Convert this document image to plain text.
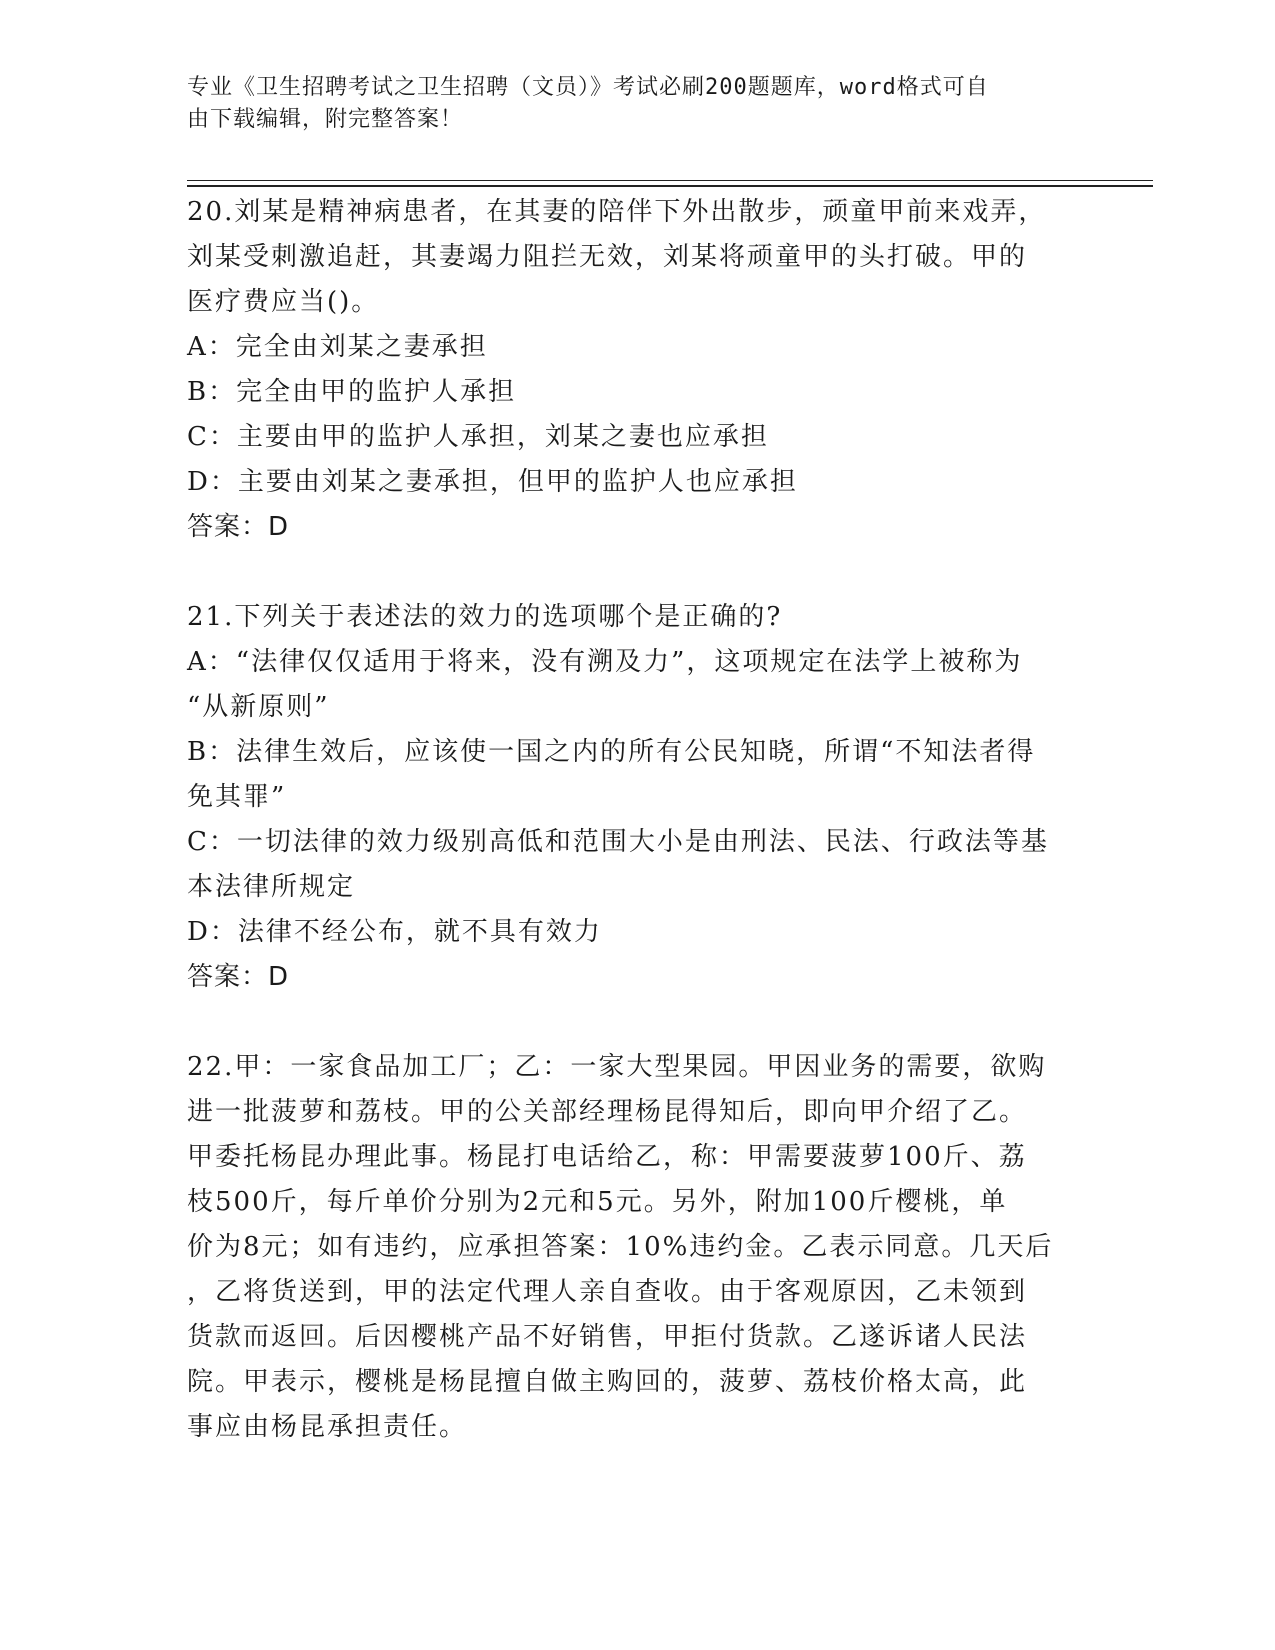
专业《卫生招聘考试之卫生招聘（文员）》考试必刷200题题库，word格式可自
由下载编辑，附完整答案！
20.刘某是精神病患者，在其妻的陪伴下外出散步，顽童甲前来戏弄，
刘某受刺激追赶，其妻竭力阻拦无效，刘某将顽童甲的头打破。甲的
医疗费应当()。
A：完全由刘某之妻承担
B：完全由甲的监护人承担
C：主要由甲的监护人承担，刘某之妻也应承担
D：主要由刘某之妻承担，但甲的监护人也应承担
答案：D
21.下列关于表述法的效力的选项哪个是正确的?
A：“法律仅仅适用于将来，没有溯及力”，这项规定在法学上被称为
“从新原则”
B：法律生效后，应该使一国之内的所有公民知晓，所谓“不知法者得
免其罪”
C：一切法律的效力级别高低和范围大小是由刑法、民法、行政法等基
本法律所规定
D：法律不经公布，就不具有效力
答案：D
22.甲：一家食品加工厂；乙：一家大型果园。甲因业务的需要，欲购
进一批菠萝和荔枝。甲的公关部经理杨昆得知后，即向甲介绍了乙。
甲委托杨昆办理此事。杨昆打电话给乙，称：甲需要菠萝100斤、荔
枝500斤，每斤单价分别为2元和5元。另外，附加100斤樱桃，单
价为8元；如有违约，应承担答案：10%违约金。乙表示同意。几天后
，乙将货送到，甲的法定代理人亲自查收。由于客观原因，乙未领到
货款而返回。后因樱桃产品不好销售，甲拒付货款。乙遂诉诸人民法
院。甲表示，樱桃是杨昆擅自做主购回的，菠萝、荔枝价格太高，此
事应由杨昆承担责任。
